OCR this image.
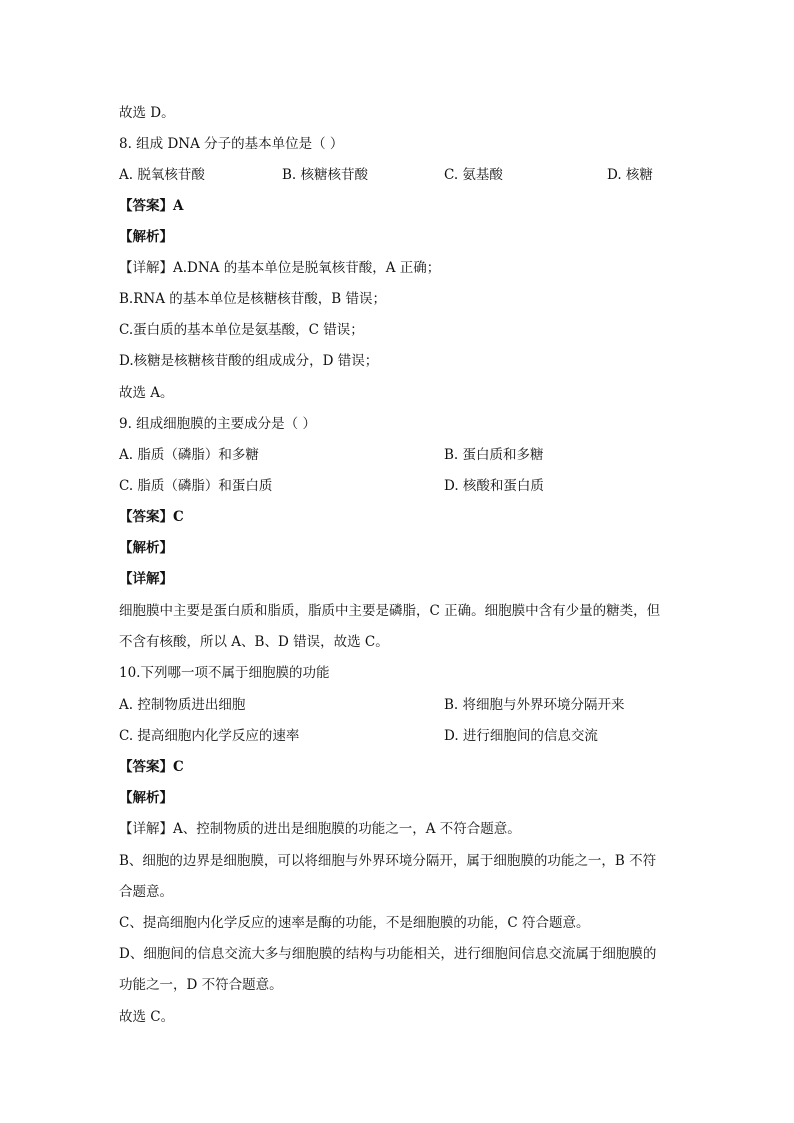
故选 D。
8. 组成 DNA 分子的基本单位是（ ）
A. 脱氧核苷酸	B. 核糖核苷酸	C. 氨基酸	D. 核糖
【答案】A
【解析】
【详解】A.DNA 的基本单位是脱氧核苷酸，A 正确；
B.RNA 的基本单位是核糖核苷酸，B 错误；
C.蛋白质的基本单位是氨基酸，C 错误；
D.核糖是核糖核苷酸的组成成分，D 错误；
故选 A。
9. 组成细胞膜的主要成分是（ ）
A. 脂质（磷脂）和多糖	B. 蛋白质和多糖
C. 脂质（磷脂）和蛋白质	D. 核酸和蛋白质
【答案】C
【解析】
【详解】
细胞膜中主要是蛋白质和脂质，脂质中主要是磷脂，C 正确。细胞膜中含有少量的糖类，但
不含有核酸，所以 A、B、D 错误，故选 C。
10.下列哪一项不属于细胞膜的功能
A. 控制物质进出细胞	B. 将细胞与外界环境分隔开来
C. 提高细胞内化学反应的速率	D. 进行细胞间的信息交流
【答案】C
【解析】
【详解】A、控制物质的进出是细胞膜的功能之一，A 不符合题意。
B、细胞的边界是细胞膜，可以将细胞与外界环境分隔开，属于细胞膜的功能之一，B 不符
合题意。
C、提高细胞内化学反应的速率是酶的功能，不是细胞膜的功能，C 符合题意。
D、细胞间的信息交流大多与细胞膜的结构与功能相关，进行细胞间信息交流属于细胞膜的
功能之一，D 不符合题意。
故选 C。
